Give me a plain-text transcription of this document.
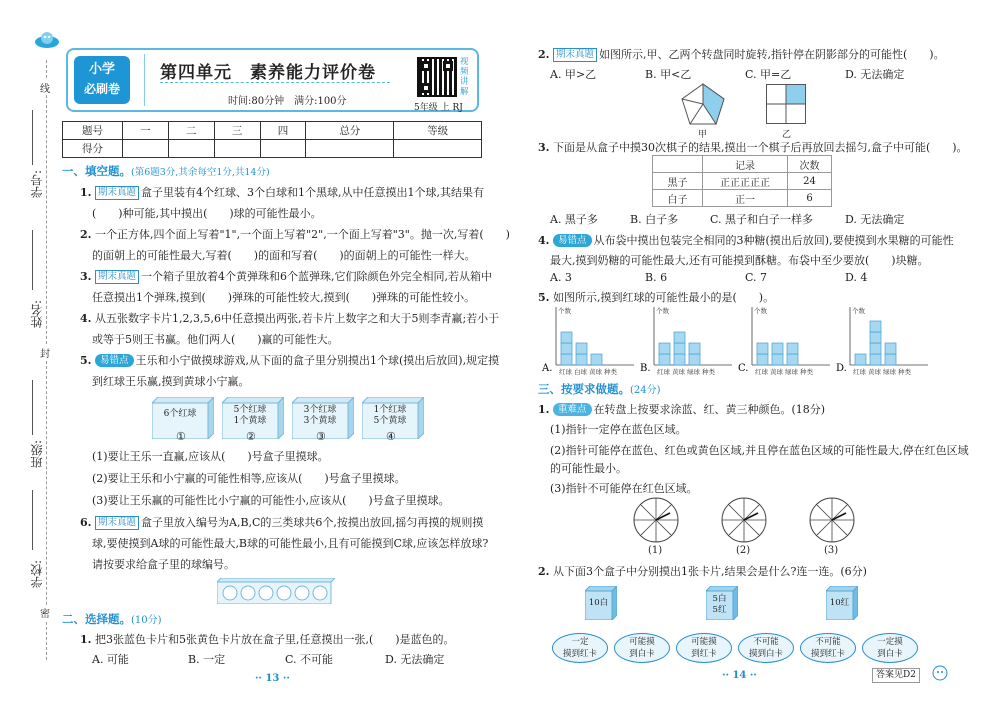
线
学号:
姓名:
封
班级:
学校:
密
小学
必刷卷
第四单元　素养能力评价卷
时间:80分钟　满分:100分
视频讲解
5年级 上 RJ
题号	一	二	三	四	总分	等级
得分						
一、填空题。(第6题3分,其余每空1分,共14分)
1. 期末真题 盒子里装有4个红球、3个白球和1个黑球,从中任意摸出1个球,其结果有
(　　)种可能,其中摸出(　　)球的可能性最小。
2. 一个正方体,四个面上写着"1",一个面上写着"2",一个面上写着"3"。抛一次,写着(　　)
的面朝上的可能性最大,写着(　　)的面和写着(　　)的面朝上的可能性一样大。
3. 期末真题 一个箱子里放着4个黄弹珠和6个蓝弹珠,它们除颜色外完全相同,若从箱中
任意摸出1个弹珠,摸到(　　)弹珠的可能性较大,摸到(　　)弹珠的可能性较小。
4. 从五张数字卡片1,2,3,5,6中任意摸出两张,若卡片上数字之和大于5则李青赢;若小于
或等于5则王书赢。他们两人(　　)赢的可能性大。
5. 易错点 王乐和小宁做摸球游戏,从下面的盒子里分别摸出1个球(摸出后放回),规定摸
到红球王乐赢,摸到黄球小宁赢。
6个红球
①
5个红球
1个黄球
②
3个红球
3个黄球
③
1个红球
5个黄球
④
(1)要让王乐一直赢,应该从(　　)号盒子里摸球。
(2)要让王乐和小宁赢的可能性相等,应该从(　　)号盒子里摸球。
(3)要让王乐赢的可能性比小宁赢的可能性小,应该从(　　)号盒子里摸球。
6. 期末真题 盒子里放入编号为A,B,C的三类球共6个,按摸出放回,摇匀再摸的规则摸
球,要使摸到A球的可能性最大,B球的可能性最小,且有可能摸到C球,应该怎样放球?
请按要求给盒子里的球编号。
二、选择题。(10分)
1. 把3张蓝色卡片和5张黄色卡片放在盒子里,任意摸出一张,(　　)是蓝色的。
A. 可能	B. 一定	C. 不可能	D. 无法确定
·· 13 ··
2. 期末真题 如图所示,甲、乙两个转盘同时旋转,指针停在阴影部分的可能性(　　)。
A. 甲>乙	B. 甲<乙	C. 甲=乙	D. 无法确定
甲	乙
3. 下面是从盒子中摸30次棋子的结果,摸出一个棋子后再放回去摇匀,盒子中可能(　　)。
	记录	次数
黑子	正正正正正	24
白子	正一	6
A. 黑子多	B. 白子多	C. 黑子和白子一样多	D. 无法确定
4. 易错点 从布袋中摸出包装完全相同的3种糖(摸出后放回),要使摸到水果糖的可能性
最大,摸到奶糖的可能性最大,还有可能摸到酥糖。布袋中至少要放(　　)块糖。
A. 3	B. 6	C. 7	D. 4
5. 如图所示,摸到红球的可能性最小的是(　　)。
A.
个数
红球 白球 黄球 种类 B.
个数
红球 黄球 绿球 种类 C.
个数
红球 黄球 绿球 种类 D.
个数
红球 黄球 绿球 种类
三、按要求做题。(24分)
1. 重难点 在转盘上按要求涂蓝、红、黄三种颜色。(18分)
(1)指针一定停在蓝色区域。
(2)指针可能停在蓝色、红色或黄色区域,并且停在蓝色区域的可能性最大,停在红色区域
的可能性最小。
(3)指针不可能停在红色区域。
(1)	(2)	(3)
2. 从下面3个盒子中分别摸出1张卡片,结果会是什么?连一连。(6分)
10白	5白
5红
10红
一定
摸到红卡
可能摸
到白卡
可能摸
到红卡
不可能
摸到白卡
不可能
摸到红卡
一定摸
到白卡
·· 14 ··	答案见D2
